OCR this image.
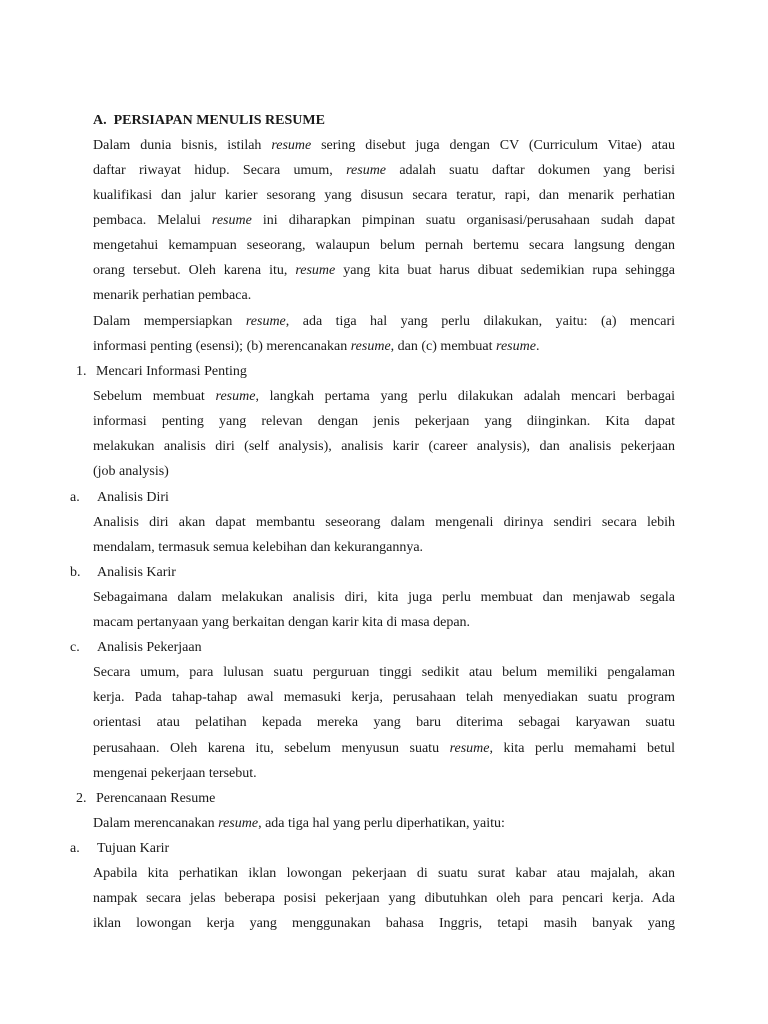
A. PERSIAPAN MENULIS RESUME
Dalam dunia bisnis, istilah resume sering disebut juga dengan CV (Curriculum Vitae) atau
daftar riwayat hidup. Secara umum, resume adalah suatu daftar dokumen yang berisi
kualifikasi dan jalur karier sesorang yang disusun secara teratur, rapi, dan menarik perhatian
pembaca. Melalui resume ini diharapkan pimpinan suatu organisasi/perusahaan sudah dapat
mengetahui kemampuan seseorang, walaupun belum pernah bertemu secara langsung dengan
orang tersebut. Oleh karena itu, resume yang kita buat harus dibuat sedemikian rupa sehingga
menarik perhatian pembaca.
Dalam mempersiapkan resume, ada tiga hal yang perlu dilakukan, yaitu: (a) mencari
informasi penting (esensi); (b) merencanakan resume, dan (c) membuat resume.
1. Mencari Informasi Penting
Sebelum membuat resume, langkah pertama yang perlu dilakukan adalah mencari berbagai
informasi penting yang relevan dengan jenis pekerjaan yang diinginkan. Kita dapat
melakukan analisis diri (self analysis), analisis karir (career analysis), dan analisis pekerjaan
(job analysis)
a. Analisis Diri
Analisis diri akan dapat membantu seseorang dalam mengenali dirinya sendiri secara lebih
mendalam, termasuk semua kelebihan dan kekurangannya.
b. Analisis Karir
Sebagaimana dalam melakukan analisis diri, kita juga perlu membuat dan menjawab segala
macam pertanyaan yang berkaitan dengan karir kita di masa depan.
c. Analisis Pekerjaan
Secara umum, para lulusan suatu perguruan tinggi sedikit atau belum memiliki pengalaman
kerja. Pada tahap-tahap awal memasuki kerja, perusahaan telah menyediakan suatu program
orientasi atau pelatihan kepada mereka yang baru diterima sebagai karyawan suatu
perusahaan. Oleh karena itu, sebelum menyusun suatu resume, kita perlu memahami betul
mengenai pekerjaan tersebut.
2. Perencanaan Resume
Dalam merencanakan resume, ada tiga hal yang perlu diperhatikan, yaitu:
a. Tujuan Karir
Apabila kita perhatikan iklan lowongan pekerjaan di suatu surat kabar atau majalah, akan
nampak secara jelas beberapa posisi pekerjaan yang dibutuhkan oleh para pencari kerja. Ada
iklan lowongan kerja yang menggunakan bahasa Inggris, tetapi masih banyak yang
